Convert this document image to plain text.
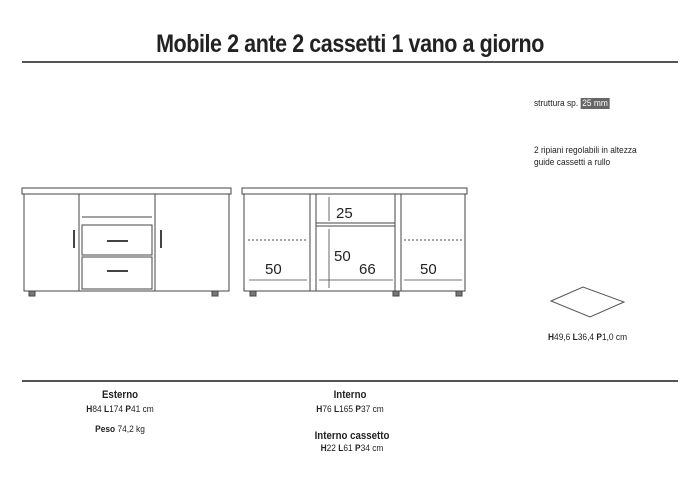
Mobile 2 ante 2 cassetti 1 vano a giorno
struttura sp. 25 mm
2 ripiani regolabili in altezza
guide cassetti a rullo
50
25
50
66	50
H49,6 L36,4 P1,0 cm
Esterno
H84 L174 P41 cm
Peso 74,2 kg
Interno
H76 L165 P37 cm
Interno cassetto
H22 L61 P34 cm
